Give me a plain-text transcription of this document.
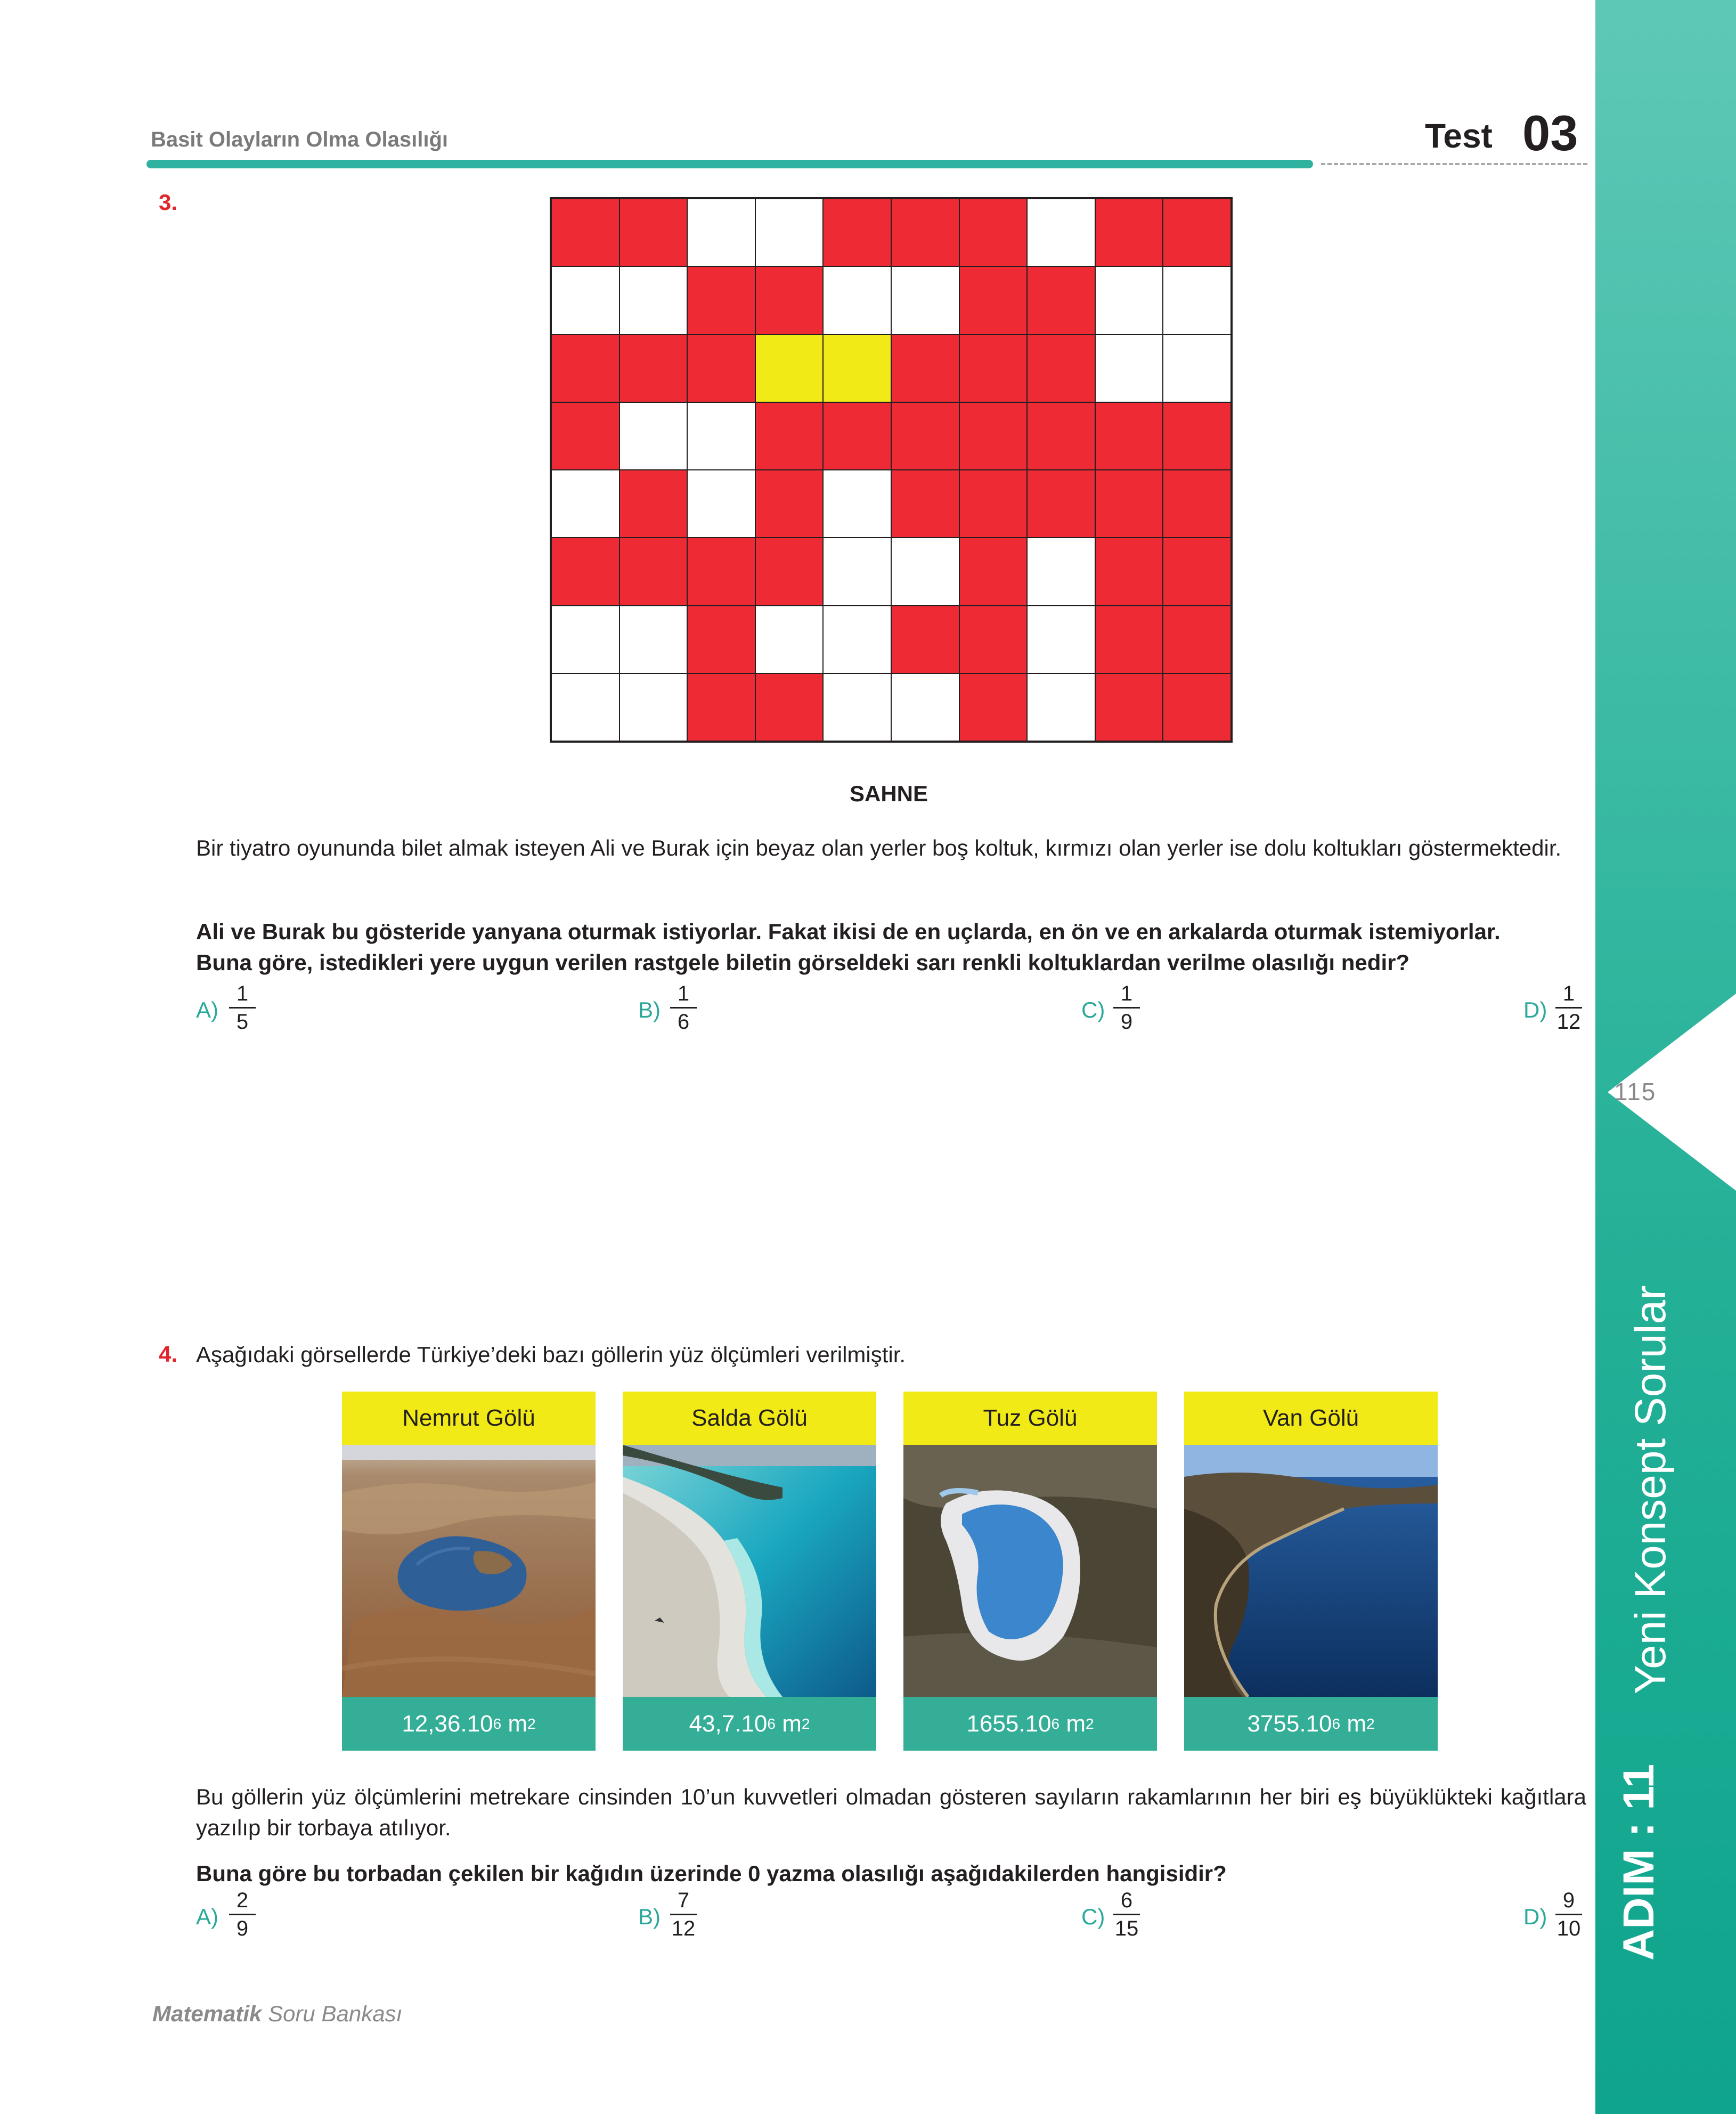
115
Yeni Konsept Sorular
ADIM : 11
Basit Olayların Olma Olasılığı	Test 03
3.
SAHNE
Bir tiyatro oyununda bilet almak isteyen Ali ve Burak için beyaz olan yerler boş koltuk, kırmızı olan yerler ise dolu koltukları göstermektedir.
Ali ve Burak bu gösteride yanyana oturmak istiyorlar. Fakat ikisi de en uçlarda, en ön ve en arkalarda oturmak istemiyorlar.
Buna göre, istedikleri yere uygun verilen rastgele biletin görseldeki sarı renkli koltuklardan verilme olasılığı nedir?
A)
1
5	B)
1
6	C)
1
9	D)
1
12
4. Aşağıdaki görsellerde Türkiye’deki bazı göllerin yüz ölçümleri verilmiştir.
Nemrut Gölü
12,36.10 6
m 2
Salda Gölü
43,7.10 6
m 2
Tuz Gölü
1655.10 6
m 2
Van Gölü
3755.10 6
m 2
Bu göllerin yüz ölçümlerini metrekare cinsinden 10’un kuvvetleri olmadan gösteren sayıların rakamlarının her biri eş büyüklükteki kağıtlara yazılıp bir torbaya atılıyor.
Buna göre bu torbadan çekilen bir kağıdın üzerinde 0 yazma olasılığı aşağıdakilerden hangisidir?
A)
2
9	B)
7
12	C)
6
15	D)
9
10
Matematik Soru Bankası
